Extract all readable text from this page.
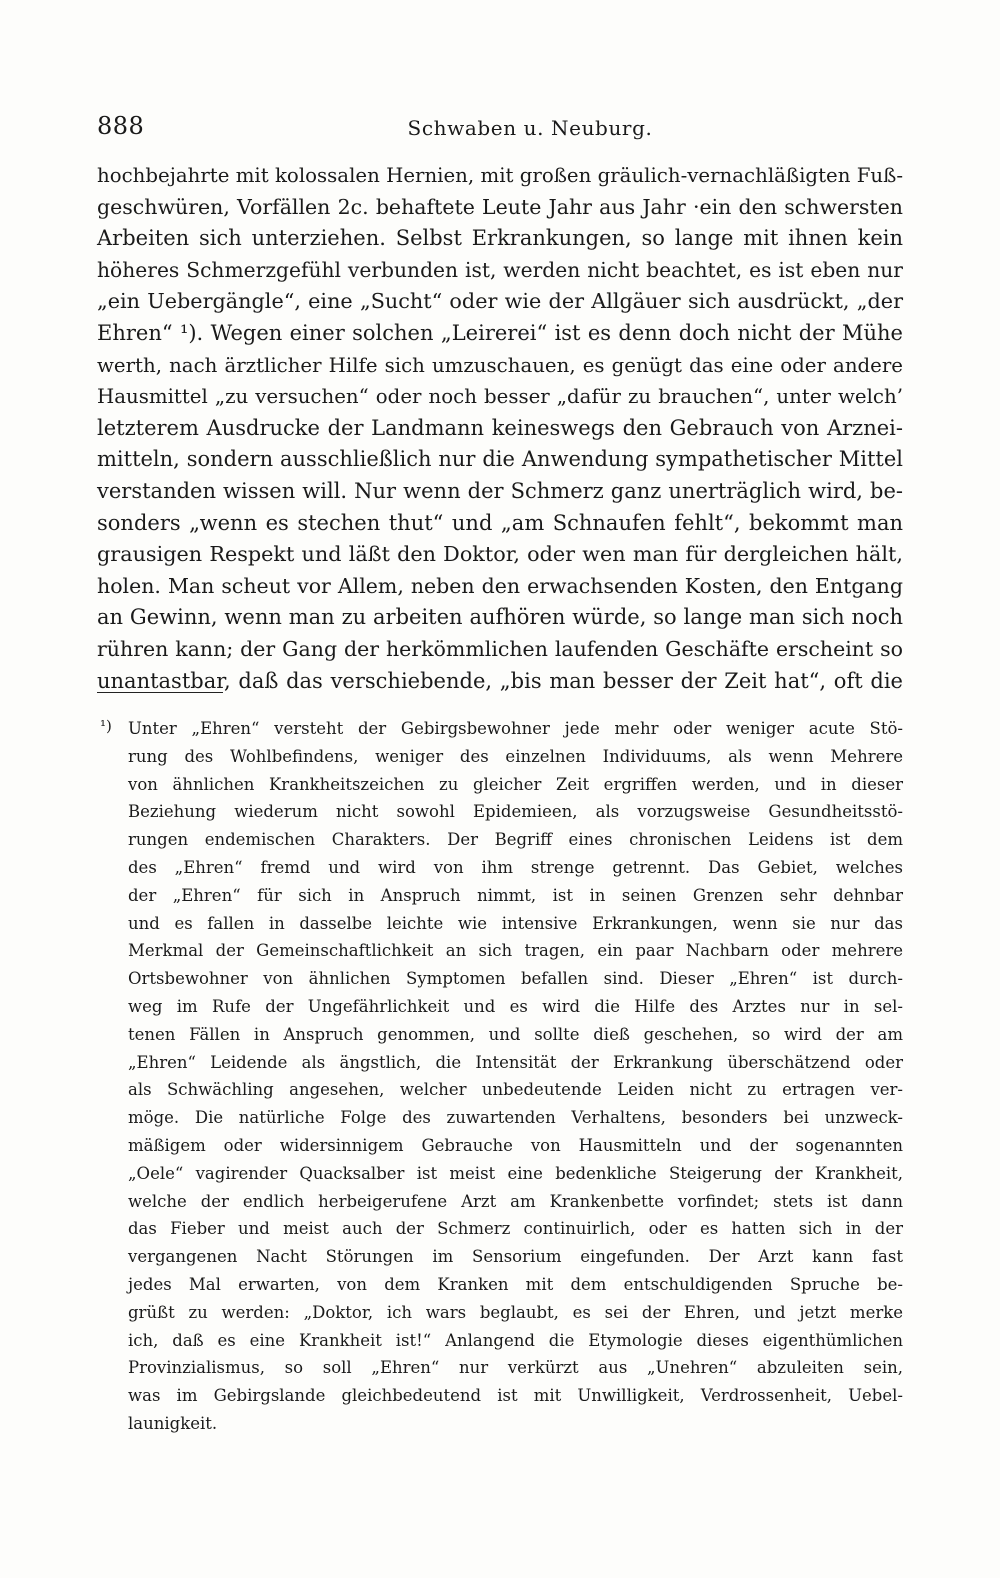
888	Schwaben u. Neuburg.
hochbejahrte mit kolossalen Hernien, mit großen gräulich-vernachläßigten Fuß-
geschwüren, Vorfällen 2c. behaftete Leute Jahr aus Jahr ·ein den schwersten
Arbeiten sich unterziehen. Selbst Erkrankungen, so lange mit ihnen kein
höheres Schmerzgefühl verbunden ist, werden nicht beachtet, es ist eben nur
„ein Uebergängle“, eine „Sucht“ oder wie der Allgäuer sich ausdrückt, „der
Ehren“ ¹). Wegen einer solchen „Leirerei“ ist es denn doch nicht der Mühe
werth, nach ärztlicher Hilfe sich umzuschauen, es genügt das eine oder andere
Hausmittel „zu versuchen“ oder noch besser „dafür zu brauchen“, unter welch’
letzterem Ausdrucke der Landmann keineswegs den Gebrauch von Arznei-
mitteln, sondern ausschließlich nur die Anwendung sympathetischer Mittel
verstanden wissen will. Nur wenn der Schmerz ganz unerträglich wird, be-
sonders „wenn es stechen thut“ und „am Schnaufen fehlt“, bekommt man
grausigen Respekt und läßt den Doktor, oder wen man für dergleichen hält,
holen. Man scheut vor Allem, neben den erwachsenden Kosten, den Entgang
an Gewinn, wenn man zu arbeiten aufhören würde, so lange man sich noch
rühren kann; der Gang der herkömmlichen laufenden Geschäfte erscheint so
unantastbar, daß das verschiebende, „bis man besser der Zeit hat“, oft die
¹) Unter „Ehren“ versteht der Gebirgsbewohner jede mehr oder weniger acute Stö-
rung des Wohlbefindens, weniger des einzelnen Individuums, als wenn Mehrere
von ähnlichen Krankheitszeichen zu gleicher Zeit ergriffen werden, und in dieser
Beziehung wiederum nicht sowohl Epidemieen, als vorzugsweise Gesundheitsstö-
rungen endemischen Charakters. Der Begriff eines chronischen Leidens ist dem
des „Ehren“ fremd und wird von ihm strenge getrennt. Das Gebiet, welches
der „Ehren“ für sich in Anspruch nimmt, ist in seinen Grenzen sehr dehnbar
und es fallen in dasselbe leichte wie intensive Erkrankungen, wenn sie nur das
Merkmal der Gemeinschaftlichkeit an sich tragen, ein paar Nachbarn oder mehrere
Ortsbewohner von ähnlichen Symptomen befallen sind. Dieser „Ehren“ ist durch-
weg im Rufe der Ungefährlichkeit und es wird die Hilfe des Arztes nur in sel-
tenen Fällen in Anspruch genommen, und sollte dieß geschehen, so wird der am
„Ehren“ Leidende als ängstlich, die Intensität der Erkrankung überschätzend oder
als Schwächling angesehen, welcher unbedeutende Leiden nicht zu ertragen ver-
möge. Die natürliche Folge des zuwartenden Verhaltens, besonders bei unzweck-
mäßigem oder widersinnigem Gebrauche von Hausmitteln und der sogenannten
„Oele“ vagirender Quacksalber ist meist eine bedenkliche Steigerung der Krankheit,
welche der endlich herbeigerufene Arzt am Krankenbette vorfindet; stets ist dann
das Fieber und meist auch der Schmerz continuirlich, oder es hatten sich in der
vergangenen Nacht Störungen im Sensorium eingefunden. Der Arzt kann fast
jedes Mal erwarten, von dem Kranken mit dem entschuldigenden Spruche be-
grüßt zu werden: „Doktor, ich wars beglaubt, es sei der Ehren, und jetzt merke
ich, daß es eine Krankheit ist!“ Anlangend die Etymologie dieses eigenthümlichen
Provinzialismus, so soll „Ehren“ nur verkürzt aus „Unehren“ abzuleiten sein,
was im Gebirgslande gleichbedeutend ist mit Unwilligkeit, Verdrossenheit, Uebel-
launigkeit.
